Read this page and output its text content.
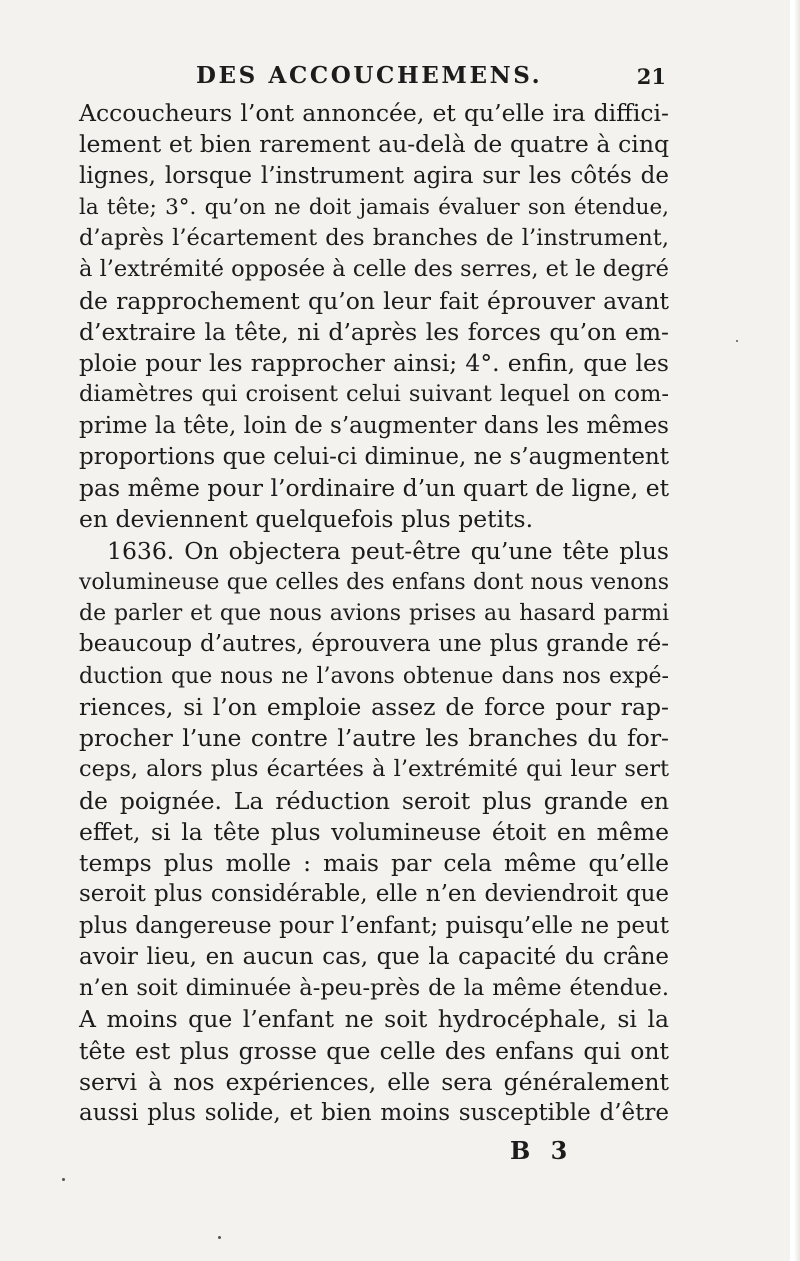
DES ACCOUCHEMENS.	21
Accoucheurs l’ont annoncée, et qu’elle ira diffici-
lement et bien rarement au-delà de quatre à cinq
lignes, lorsque l’instrument agira sur les côtés de
la tête; 3°. qu’on ne doit jamais évaluer son étendue,
d’après l’écartement des branches de l’instrument,
à l’extrémité opposée à celle des serres, et le degré
de rapprochement qu’on leur fait éprouver avant
d’extraire la tête, ni d’après les forces qu’on em-
ploie pour les rapprocher ainsi; 4°. enfin, que les
diamètres qui croisent celui suivant lequel on com-
prime la tête, loin de s’augmenter dans les mêmes
proportions que celui-ci diminue, ne s’augmentent
pas même pour l’ordinaire d’un quart de ligne, et
en deviennent quelquefois plus petits.
1636. On objectera peut-être qu’une tête plus
volumineuse que celles des enfans dont nous venons
de parler et que nous avions prises au hasard parmi
beaucoup d’autres, éprouvera une plus grande ré-
duction que nous ne l’avons obtenue dans nos expé-
riences, si l’on emploie assez de force pour rap-
procher l’une contre l’autre les branches du for-
ceps, alors plus écartées à l’extrémité qui leur sert
de poignée. La réduction seroit plus grande en
effet, si la tête plus volumineuse étoit en même
temps plus molle : mais par cela même qu’elle
seroit plus considérable, elle n’en deviendroit que
plus dangereuse pour l’enfant; puisqu’elle ne peut
avoir lieu, en aucun cas, que la capacité du crâne
n’en soit diminuée à-peu-près de la même étendue.
A moins que l’enfant ne soit hydrocéphale, si la
tête est plus grosse que celle des enfans qui ont
servi à nos expériences, elle sera généralement
aussi plus solide, et bien moins susceptible d’être
B 3
